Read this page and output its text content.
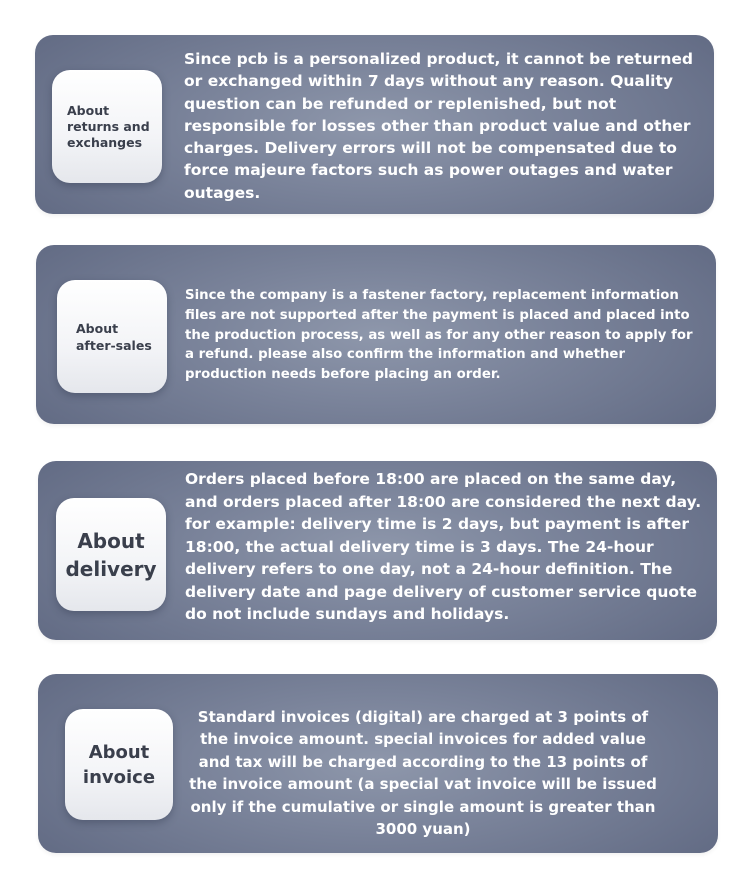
About
returns and
exchanges

Since pcb is a personalized product, it cannot be returned or exchanged within 7 days without any reason. Quality question can be refunded or replenished, but not responsible for losses other than product value and other charges. Delivery errors will not be compensated due to force majeure factors such as power outages and water outages.

About
after-sales

Since the company is a fastener factory, replacement information files are not supported after the payment is placed and placed into the production process, as well as for any other reason to apply for a refund. please also confirm the information and whether production needs before placing an order.

About
delivery

Orders placed before 18:00 are placed on the same day, and orders placed after 18:00 are considered the next day. for example: delivery time is 2 days, but payment is after 18:00, the actual delivery time is 3 days. The 24-hour delivery refers to one day, not a 24-hour definition. The delivery date and page delivery of customer service quote do not include sundays and holidays.

About
invoice

Standard invoices (digital) are charged at 3 points of the invoice amount. special invoices for added value and tax will be charged according to the 13 points of the invoice amount (a special vat invoice will be issued only if the cumulative or single amount is greater than 3000 yuan)
